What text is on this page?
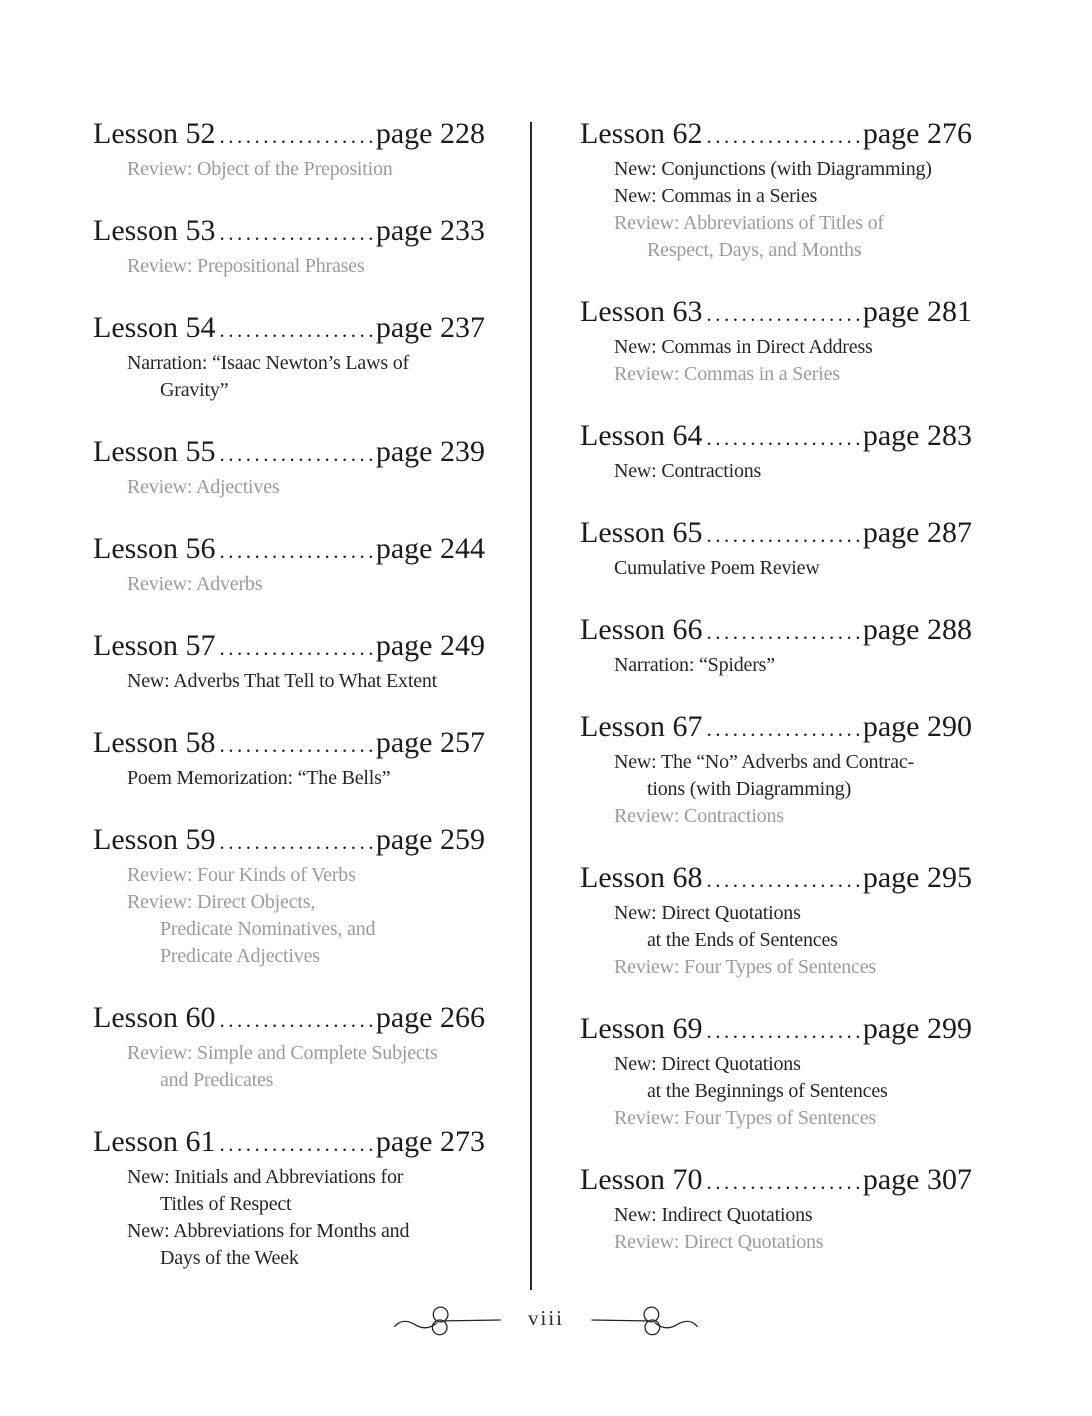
Lesson 52 .....	page 228
Review: Object of the Preposition
Lesson 53 .....	page 233
Review: Prepositional Phrases
Lesson 54 .....	page 237
Narration: “Isaac Newton’s Laws of
Gravity”
Lesson 55 .....	page 239
Review: Adjectives
Lesson 56 .....	page 244
Review: Adverbs
Lesson 57 .....	page 249
New: Adverbs That Tell to What Extent
Lesson 58 .....	page 257
Poem Memorization: “The Bells”
Lesson 59 .....	page 259
Review: Four Kinds of Verbs
Review: Direct Objects,
Predicate Nominatives, and
Predicate Adjectives
Lesson 60 .....	page 266
Review: Simple and Complete Subjects
and Predicates
Lesson 61 .....	page 273
New: Initials and Abbreviations for
Titles of Respect
New: Abbreviations for Months and
Days of the Week
Lesson 62 .....	page 276
New: Conjunctions (with Diagramming)
New: Commas in a Series
Review: Abbreviations of Titles of
Respect, Days, and Months
Lesson 63 .....	page 281
New: Commas in Direct Address
Review: Commas in a Series
Lesson 64 .....	page 283
New: Contractions
Lesson 65 .....	page 287
Cumulative Poem Review
Lesson 66 .....	page 288
Narration: “Spiders”
Lesson 67 .....	page 290
New: The “No” Adverbs and Contrac-
tions (with Diagramming)
Review: Contractions
Lesson 68 .....	page 295
New: Direct Quotations
at the Ends of Sentences
Review: Four Types of Sentences
Lesson 69 .....	page 299
New: Direct Quotations
at the Beginnings of Sentences
Review: Four Types of Sentences
Lesson 70 .....	page 307
New: Indirect Quotations
Review: Direct Quotations
viii
